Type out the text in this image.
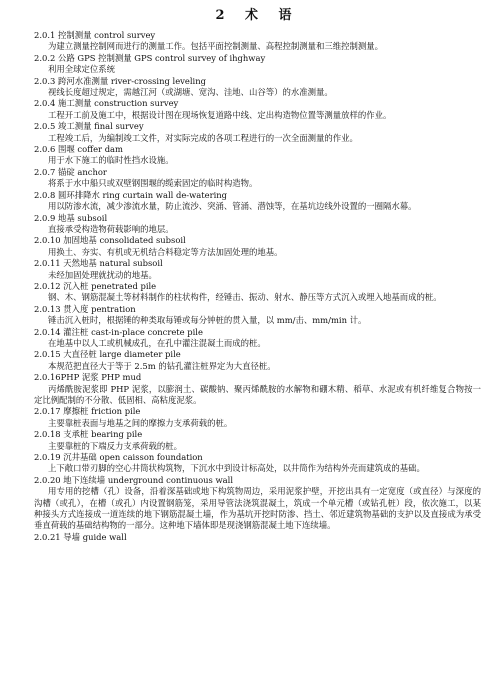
2 术 语
2.0.1 控制测量 control survey
为建立测量控制网而进行的测量工作。包括平面控制测量、高程控制测量和三维控制测量。
2.0.2 公路 GPS 控制测量 GPS control survey of ihghway
利用全球定位系统
2.0.3 跨河水准测量 river-crossing leveling
视线长度超过规定，需越江河（或湖塘、宽沟、洼地、山谷等）的水准测量。
2.0.4 施工测量 construction survey
工程开工前及施工中，根据设计图在现场恢复道路中线、定出构造物位置等测量放样的作业。
2.0.5 竣工测量 final survey
工程竣工后，为编制竣工文件，对实际完成的各项工程进行的一次全面测量的作业。
2.0.6 围堰 coffer dam
用于水下施工的临时性挡水设施。
2.0.7 锚碇 anchor
将系于水中船只或双壁钢围堰的缆索固定的临时构造物。
2.0.8 圆环排降水 ring curtain wall de-watering
用以防渗水流，减少渗流水量，防止流沙、突涌、管涌、潜蚀等，在基坑边线外设置的一圈隔水幕。
2.0.9 地基 subsoil
直接承受构造物荷载影响的地层。
2.0.10 加固地基 consolidated subsoil
用换土、夯实、有机或无机结合料稳定等方法加固处理的地基。
2.0.11 天然地基 natural subsoil
未经加固处理就扰动的地基。
2.0.12 沉入桩 penetrated pile
钢、木、钢筋混凝土等材料制作的柱状构件，经锤击、振动、射水、静压等方式沉入或埋入地基而成的桩。
2.0.13 贯入度 pentration
锤击沉入桩时，根据锤的种类取每锤或每分钟桩的贯入量，以 mm/击、mm/min 计。
2.0.14 灌注桩 cast-in-place concrete pile
在地基中以人工或机械成孔，在孔中灌注混凝土而成的桩。
2.0.15 大直径桩 large diameter pile
本规范把直径大于等于 2.5m 的钻孔灌注桩界定为大直径桩。
2.0.16PHP 泥浆 PHP mud
丙烯酰胺泥浆即 PHP 泥浆，以膨润土、碳酸钠、聚丙烯酰胺的水解物和硼木精、稻草、水泥或有机纤维复合物按一定比例配制的不分散、低固相、高粘度泥浆。
2.0.17 摩擦桩 friction pile
主要靠桩表面与地基之间的摩擦力支承荷载的桩。
2.0.18 支承桩 bearing pile
主要靠桩的下端反力支承荷载的桩。
2.0.19 沉井基础 open caisson foundation
上下敞口带刃脚的空心井筒状构筑物，下沉水中到设计标高处，以井筒作为结构外壳而建筑成的基础。
2.0.20 地下连续墙 underground continuous wall
用专用的挖槽（孔）设备，沿着深基础或地下构筑物周边，采用泥浆护壁，开挖出具有一定宽度（或直径）与深度的沟槽（或孔），在槽（或孔）内设置钢筋笼，采用导管法浇筑混凝土，筑成一个单元槽（或钻孔桩）段，依次施工，以某种接头方式连接成一道连续的地下钢筋混凝土墙，作为基坑开挖时防渗、挡土、邻近建筑物基础的支护以及直接成为承受垂直荷载的基础结构物的一部分。这种地下墙体即是现浇钢筋混凝土地下连续墙。
2.0.21 导墙 guide wall
